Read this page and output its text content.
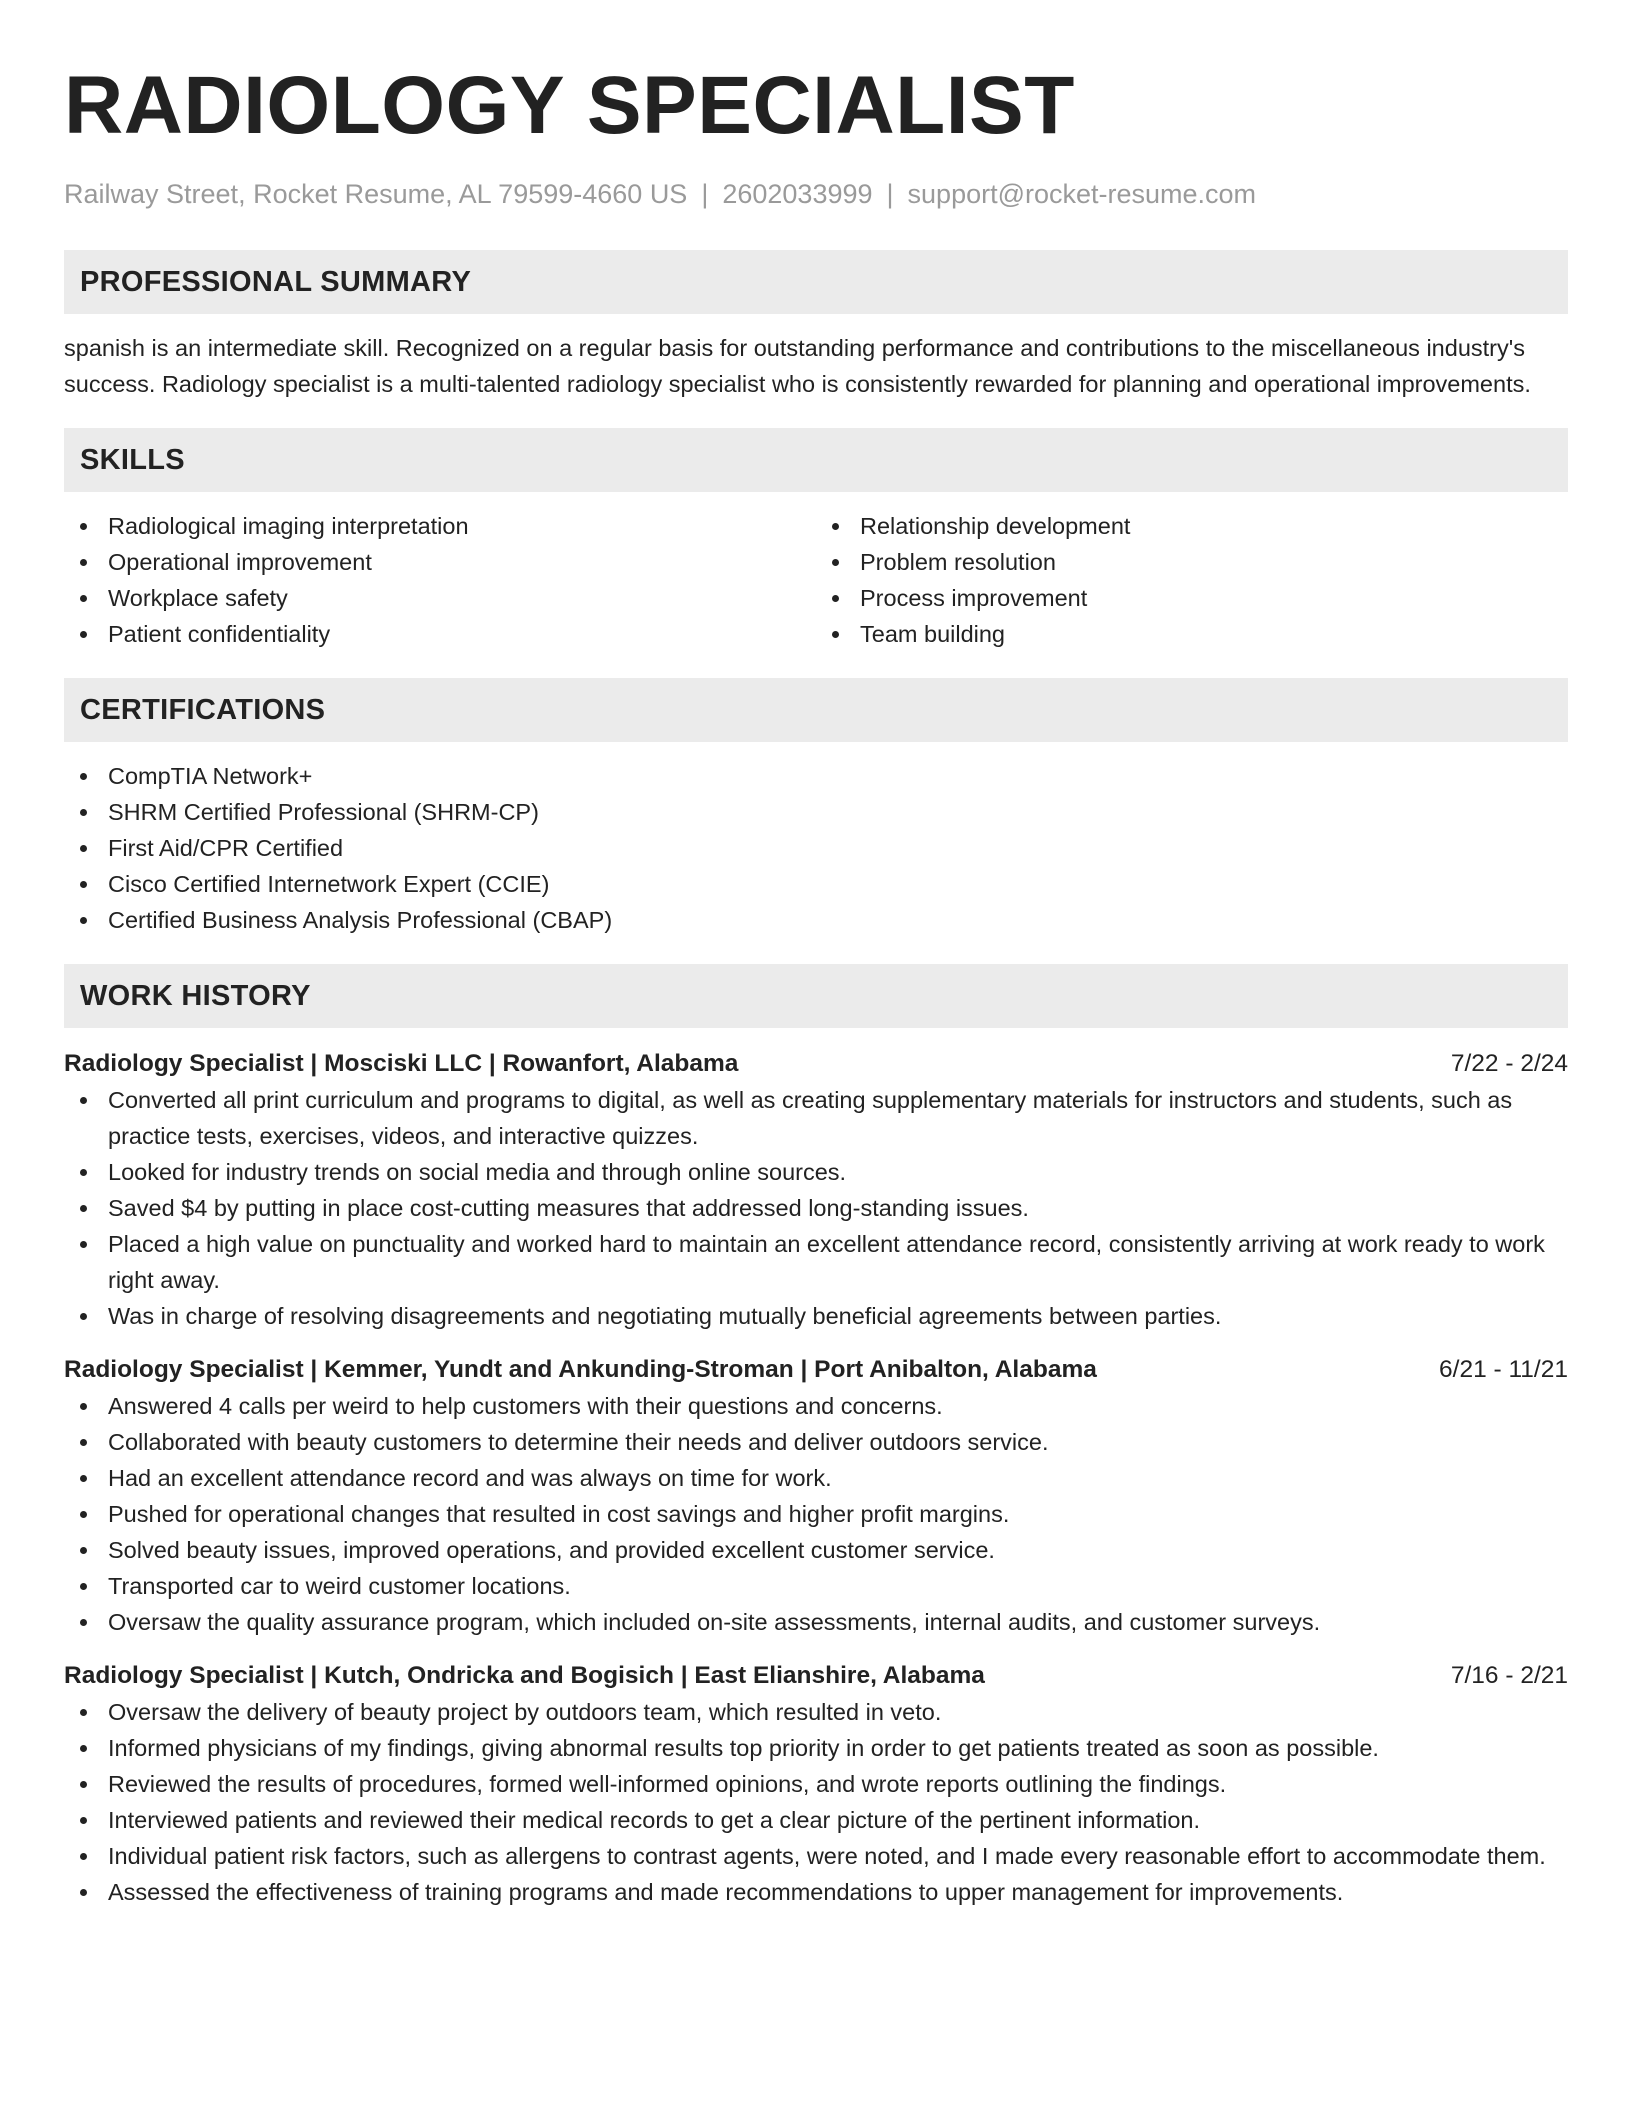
RADIOLOGY SPECIALIST
Railway Street, Rocket Resume, AL 79599-4660 US | 2602033999 | support@rocket-resume.com
PROFESSIONAL SUMMARY

spanish is an intermediate skill. Recognized on a regular basis for outstanding performance and contributions to the miscellaneous industry's success. Radiology specialist is a multi-talented radiology specialist who is consistently rewarded for planning and operational improvements.

SKILLS
Radiological imaging interpretation
Operational improvement
Workplace safety
Patient confidentiality
Relationship development
Problem resolution
Process improvement
Team building
CERTIFICATIONS
CompTIA Network+
SHRM Certified Professional (SHRM-CP)
First Aid/CPR Certified
Cisco Certified Internetwork Expert (CCIE)
Certified Business Analysis Professional (CBAP)
WORK HISTORY
Radiology Specialist | Mosciski LLC | Rowanfort, Alabama	7/22 - 2/24
Converted all print curriculum and programs to digital, as well as creating supplementary materials for instructors and students, such as practice tests, exercises, videos, and interactive quizzes.
Looked for industry trends on social media and through online sources.
Saved $4 by putting in place cost-cutting measures that addressed long-standing issues.
Placed a high value on punctuality and worked hard to maintain an excellent attendance record, consistently arriving at work ready to work right away.
Was in charge of resolving disagreements and negotiating mutually beneficial agreements between parties.
Radiology Specialist | Kemmer, Yundt and Ankunding-Stroman | Port Anibalton, Alabama	6/21 - 11/21
Answered 4 calls per weird to help customers with their questions and concerns.
Collaborated with beauty customers to determine their needs and deliver outdoors service.
Had an excellent attendance record and was always on time for work.
Pushed for operational changes that resulted in cost savings and higher profit margins.
Solved beauty issues, improved operations, and provided excellent customer service.
Transported car to weird customer locations.
Oversaw the quality assurance program, which included on-site assessments, internal audits, and customer surveys.
Radiology Specialist | Kutch, Ondricka and Bogisich | East Elianshire, Alabama	7/16 - 2/21
Oversaw the delivery of beauty project by outdoors team, which resulted in veto.
Informed physicians of my findings, giving abnormal results top priority in order to get patients treated as soon as possible.
Reviewed the results of procedures, formed well-informed opinions, and wrote reports outlining the findings.
Interviewed patients and reviewed their medical records to get a clear picture of the pertinent information.
Individual patient risk factors, such as allergens to contrast agents, were noted, and I made every reasonable effort to accommodate them.
Assessed the effectiveness of training programs and made recommendations to upper management for improvements.
